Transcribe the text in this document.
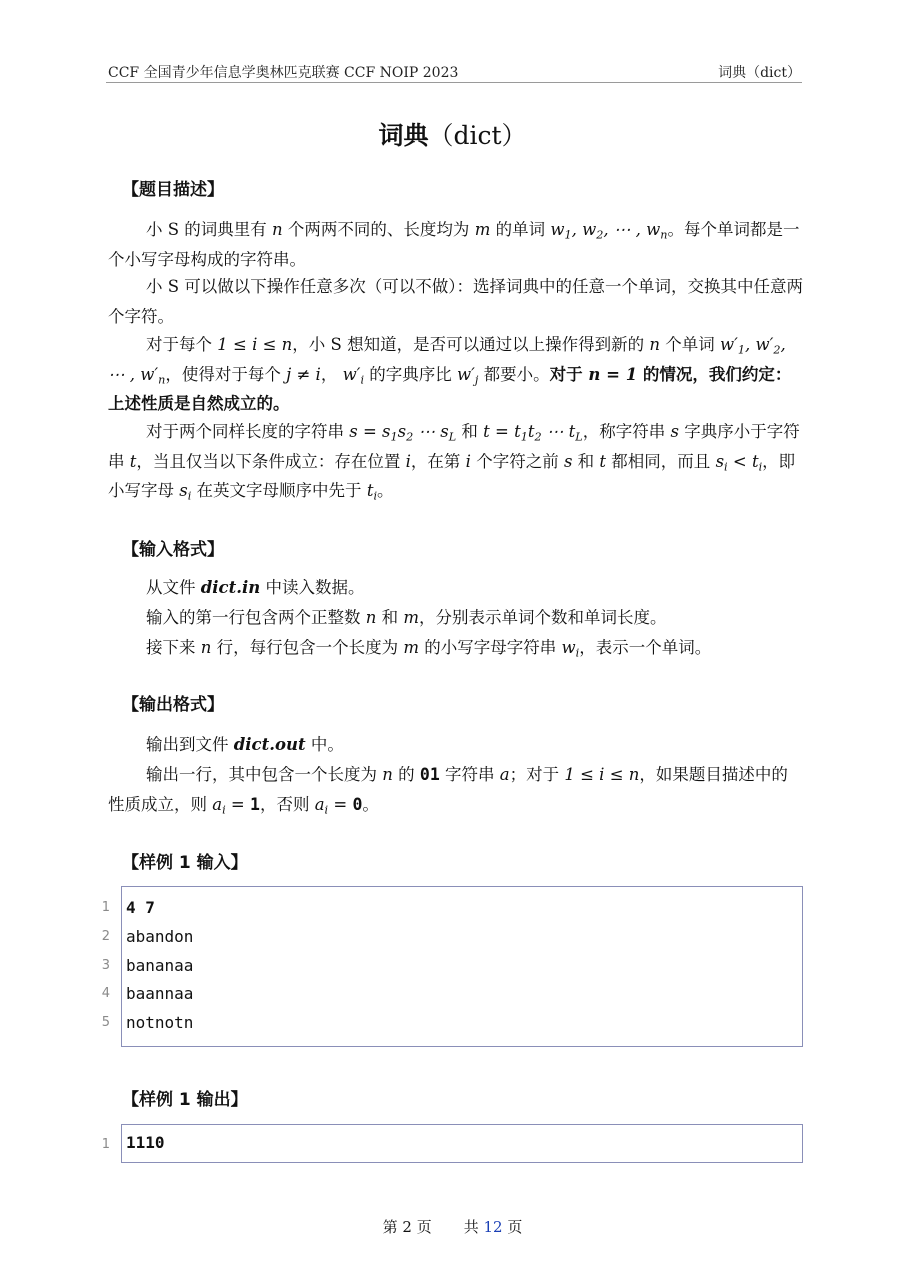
CCF 全国青少年信息学奥林匹克联赛 CCF NOIP 2023	词典（dict）
词典（dict）
【题目描述】
小 S 的词典里有 n 个两两不同的、长度均为 m 的单词 $w_1$, $w_2$, ⋯ , $w_n$。每个单词都是一个小写字母构成的字符串。
小 S 可以做以下操作任意多次（可以不做）：选择词典中的任意一个单词，交换其中任意两个字符。
对于每个 1 ≤ i ≤ n，小 S 想知道，是否可以通过以上操作得到新的 n 个单词 $w'_1$, $w'_2$, ⋯ , $w'_n$，使得对于每个 j ≠ i， $w'_i$ 的字典序比 $w'_j$ 都要小。对于 n = 1 的情况，我们约定：上述性质是自然成立的。
对于两个同样长度的字符串 $s = s_1s_2$ ⋯ $s_L$ 和 $t = t_1t_2$ ⋯ $t_L$，称字符串 s 字典序小于字符串 t，当且仅当以下条件成立：存在位置 i，在第 i 个字符之前 s 和 t 都相同，而且 $s_i < t_i$，即小写字母 $s_i$ 在英文字母顺序中先于 $t_i$。
【输入格式】
从文件 dict.in 中读入数据。
输入的第一行包含两个正整数 n 和 m，分别表示单词个数和单词长度。
接下来 n 行，每行包含一个长度为 m 的小写字母字符串 $w_i$，表示一个单词。
【输出格式】
输出到文件 dict.out 中。
输出一行，其中包含一个长度为 n 的 01 字符串 a；对于 1 ≤ i ≤ n，如果题目描述中的性质成立，则 $a_i = 1$，否则 $a_i = 0$。
【样例 1 输入】
1
2
3
4
5
4 7
abandon
bananaa
baannaa
notnotn
【样例 1 输出】
1 1110
第 2 页 共 12 页
